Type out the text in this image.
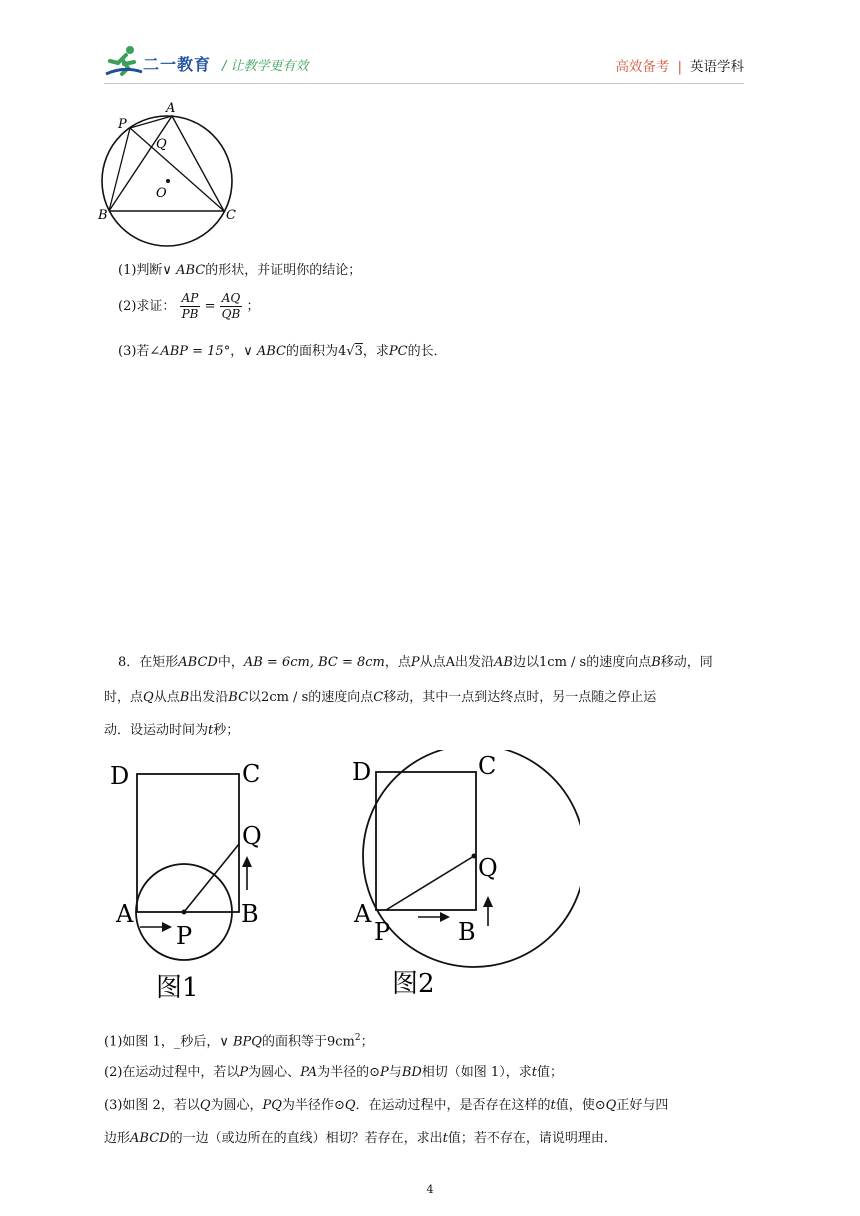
二一教育 / 让教学更有效	高效备考 | 英语学科
A
P
Q
O
B	C
(1)判断∨ ABC的形状，并证明你的结论；
(2)求证： $\frac{AP}{PB} = \frac{AQ}{QB}$ ；
(3)若∠ABP = 15°，∨ ABC的面积为4√3，求PC的长．
8．在矩形ABCD中，AB = 6cm, BC = 8cm，点P从点A出发沿AB边以1cm / s的速度向点B移动，同
时，点Q从点B出发沿BC以2cm / s的速度向点C移动，其中一点到达终点时，另一点随之停止运
动．设运动时间为t秒；
D	C
Q
A	B
P
图1
D	C
Q
A
P	B
图2
(1)如图 1，_秒后，∨ BPQ的面积等于$9cm^2$；
(2)在运动过程中，若以P为圆心、PA为半径的⊙P与BD相切（如图 1），求t值；
(3)如图 2，若以Q为圆心，PQ为半径作⊙Q．在运动过程中，是否存在这样的t值，使⊙Q正好与四
边形ABCD的一边（或边所在的直线）相切？若存在，求出t值；若不存在，请说明理由．
4
